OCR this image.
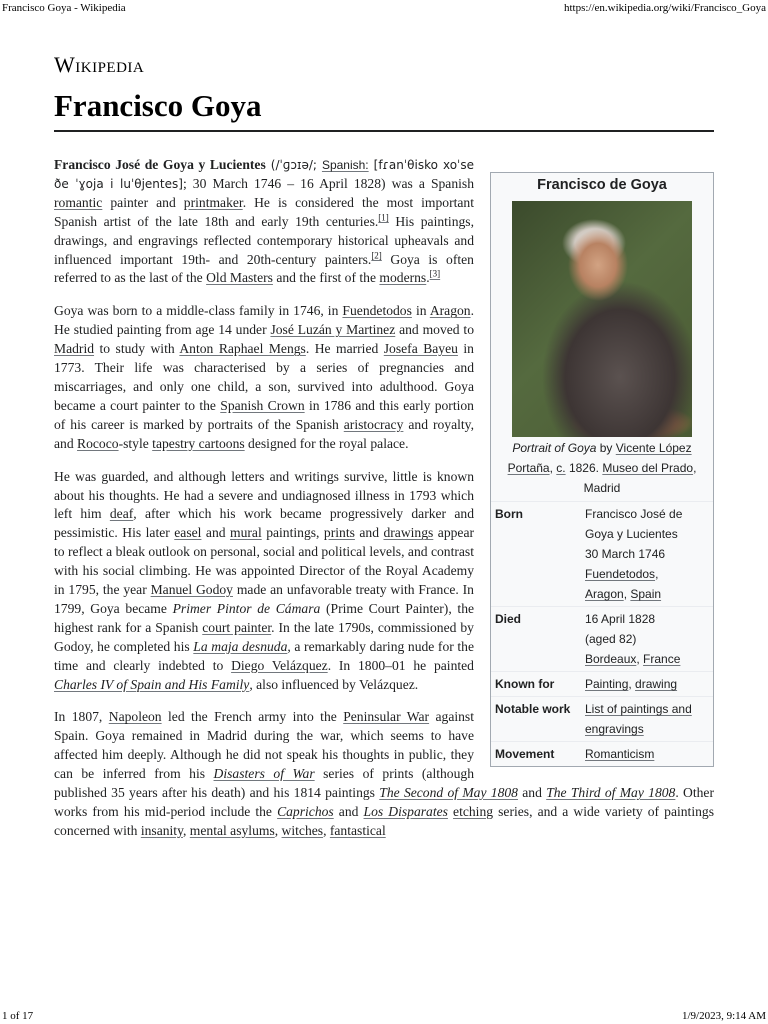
Francisco Goya - Wikipedia	https://en.wikipedia.org/wiki/Francisco_Goya
Wikipedia
Francisco Goya
Francisco de Goya
Portrait of Goya by Vicente López Portaña, c. 1826. Museo del Prado, Madrid
Born	Francisco José de Goya y Lucientes
30 March 1746
Fuendetodos,
Aragon, Spain
Died	16 April 1828
(aged 82)
Bordeaux, France
Known for	Painting, drawing
Notable work	List of paintings and engravings
Movement	Romanticism

Francisco José de Goya y Lucientes (/ˈɡɔɪə/; Spanish: [fɾanˈθisko xoˈse ðe ˈɣoja i luˈθjentes]; 30 March 1746 – 16 April 1828) was a Spanish romantic painter and printmaker. He is considered the most important Spanish artist of the late 18th and early 19th centuries.[1] His paintings, drawings, and engravings reflected contemporary historical upheavals and influenced important 19th- and 20th-century painters.[2] Goya is often referred to as the last of the Old Masters and the first of the moderns.[3]

Goya was born to a middle-class family in 1746, in Fuendetodos in Aragon. He studied painting from age 14 under José Luzán y Martinez and moved to Madrid to study with Anton Raphael Mengs. He married Josefa Bayeu in 1773. Their life was characterised by a series of pregnancies and miscarriages, and only one child, a son, survived into adulthood. Goya became a court painter to the Spanish Crown in 1786 and this early portion of his career is marked by portraits of the Spanish aristocracy and royalty, and Rococo-style tapestry cartoons designed for the royal palace.

He was guarded, and although letters and writings survive, little is known about his thoughts. He had a severe and undiagnosed illness in 1793 which left him deaf, after which his work became progressively darker and pessimistic. His later easel and mural paintings, prints and drawings appear to reflect a bleak outlook on personal, social and political levels, and contrast with his social climbing. He was appointed Director of the Royal Academy in 1795, the year Manuel Godoy made an unfavorable treaty with France. In 1799, Goya became Primer Pintor de Cámara (Prime Court Painter), the highest rank for a Spanish court painter. In the late 1790s, commissioned by Godoy, he completed his La maja desnuda, a remarkably daring nude for the time and clearly indebted to Diego Velázquez. In 1800–01 he painted Charles IV of Spain and His Family, also influenced by Velázquez.

In 1807, Napoleon led the French army into the Peninsular War against Spain. Goya remained in Madrid during the war, which seems to have affected him deeply. Although he did not speak his thoughts in public, they can be inferred from his Disasters of War series of prints (although published 35 years after his death) and his 1814 paintings The Second of May 1808 and The Third of May 1808. Other works from his mid-period include the Caprichos and Los Disparates etching series, and a wide variety of paintings concerned with insanity, mental asylums, witches, fantastical

1 of 17	1/9/2023, 9:14 AM
